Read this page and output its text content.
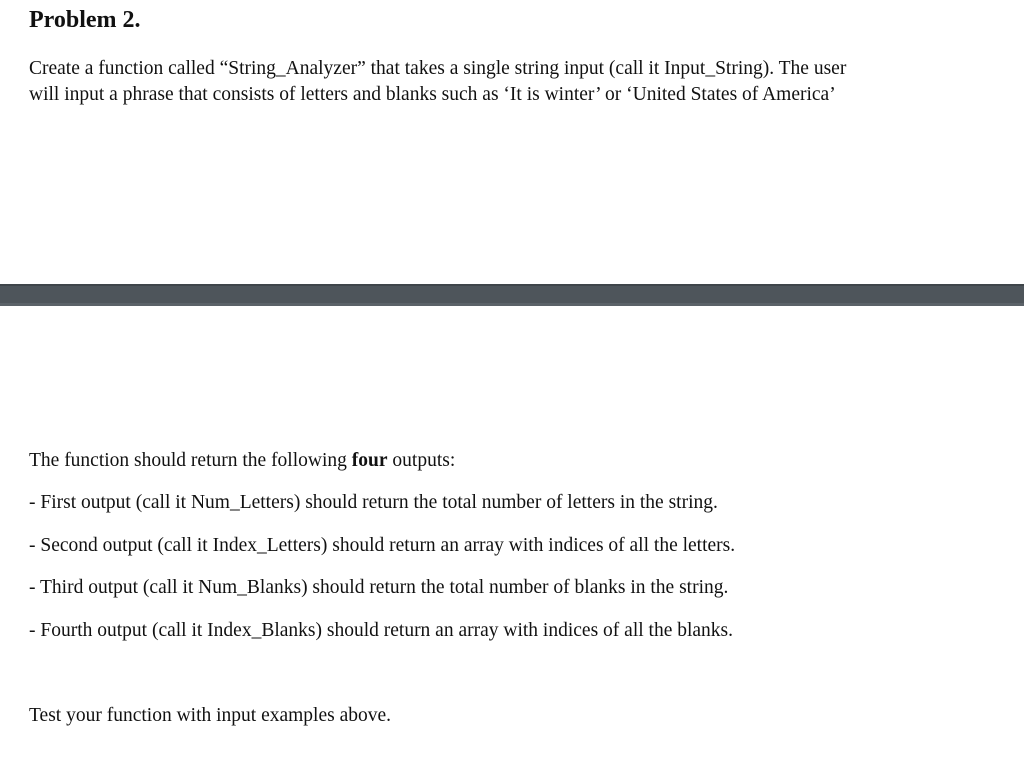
Problem 2.

Create a function called “String_Analyzer” that takes a single string input (call it Input_String). The user

will input a phrase that consists of letters and blanks such as ‘It is winter’ or ‘United States of America’

The function should return the following four outputs:
- First output (call it Num_Letters) should return the total number of letters in the string.
- Second output (call it Index_Letters) should return an array with indices of all the letters.
- Third output (call it Num_Blanks) should return the total number of blanks in the string.
- Fourth output (call it Index_Blanks) should return an array with indices of all the blanks.
Test your function with input examples above.
